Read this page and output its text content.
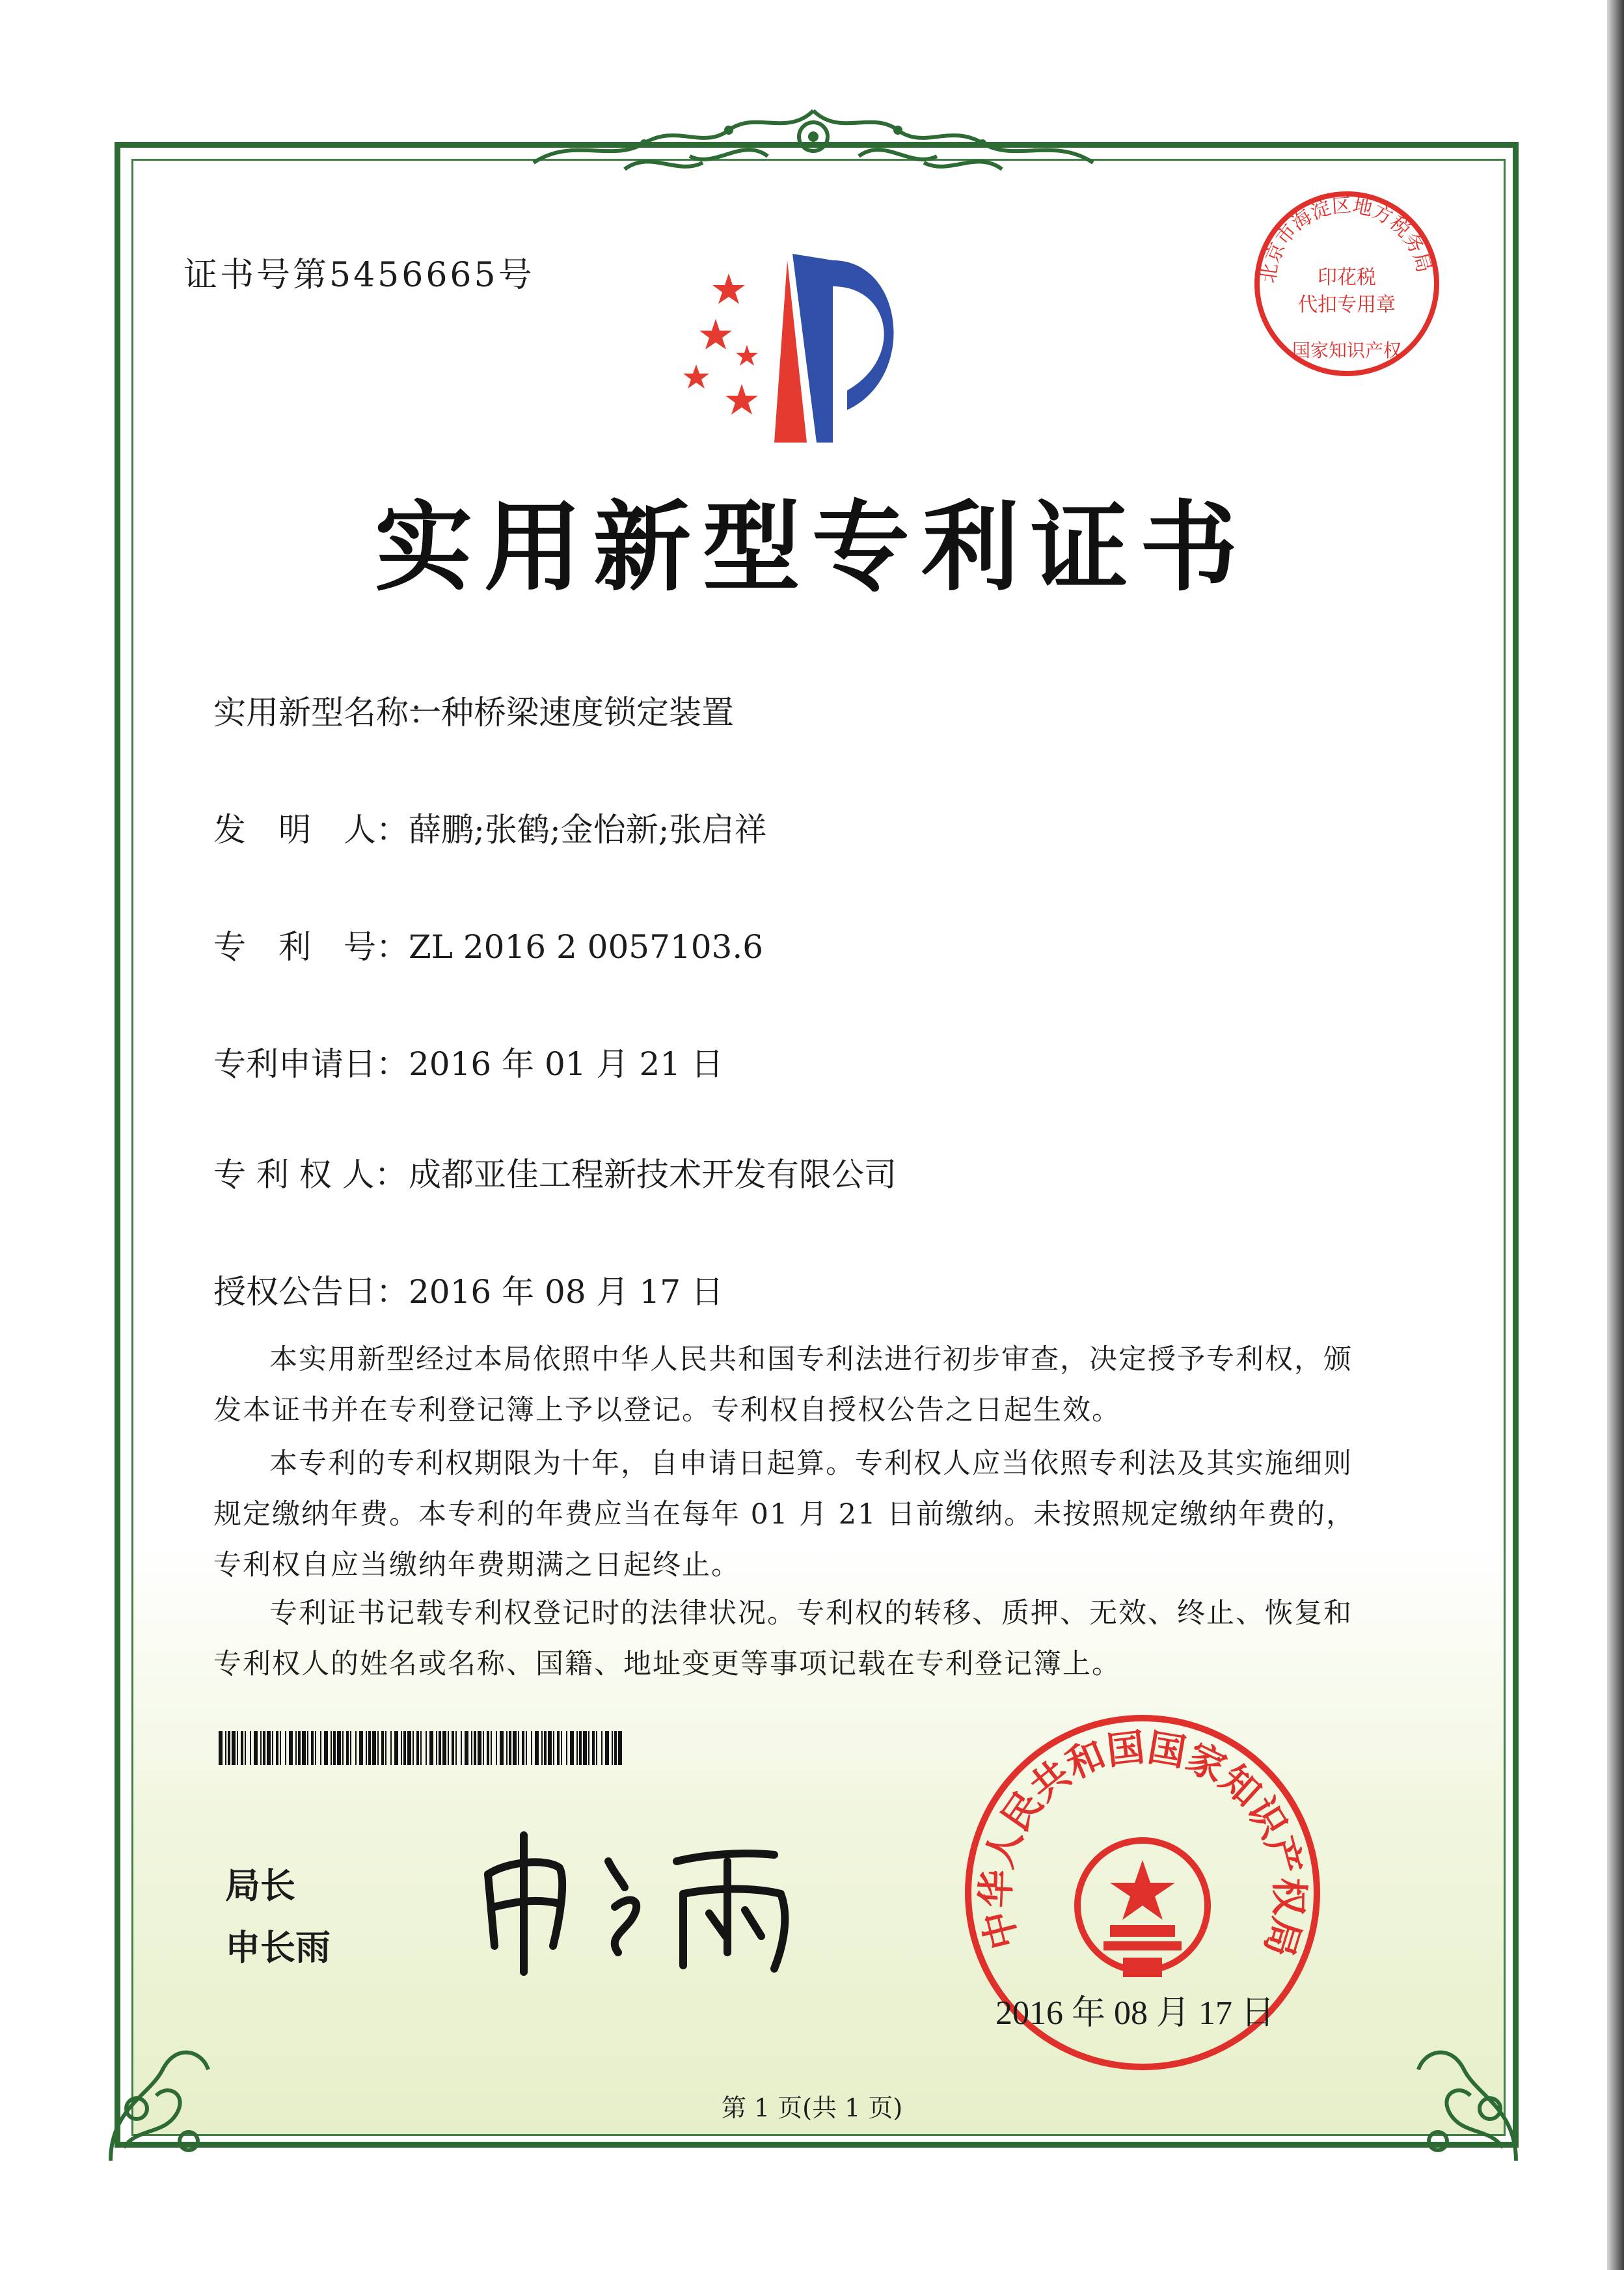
证书号第5456665号	北京市海淀区地方税务局
印花税
代扣专用章
国家知识产权
实用新型专利证书
实用新型名称：一种桥梁速度锁定装置
发　明　人：薛鹏;张鹤;金怡新;张启祥
专　利　号：ZL 2016 2 0057103.6
专利申请日：2016 年 01 月 21 日
专 利 权 人：成都亚佳工程新技术开发有限公司
授权公告日：2016 年 08 月 17 日
本实用新型经过本局依照中华人民共和国专利法进行初步审查，决定授予专利权，颁发本证书并在专利登记簿上予以登记。专利权自授权公告之日起生效。
本专利的专利权期限为十年，自申请日起算。专利权人应当依照专利法及其实施细则规定缴纳年费。本专利的年费应当在每年 01 月 21 日前缴纳。未按照规定缴纳年费的，专利权自应当缴纳年费期满之日起终止。
专利证书记载专利权登记时的法律状况。专利权的转移、质押、无效、终止、恢复和专利权人的姓名或名称、国籍、地址变更等事项记载在专利登记簿上。
局长
申长雨	中华人民共和国国家知识产权局
2016 年 08 月 17 日
第 1 页(共 1 页)
